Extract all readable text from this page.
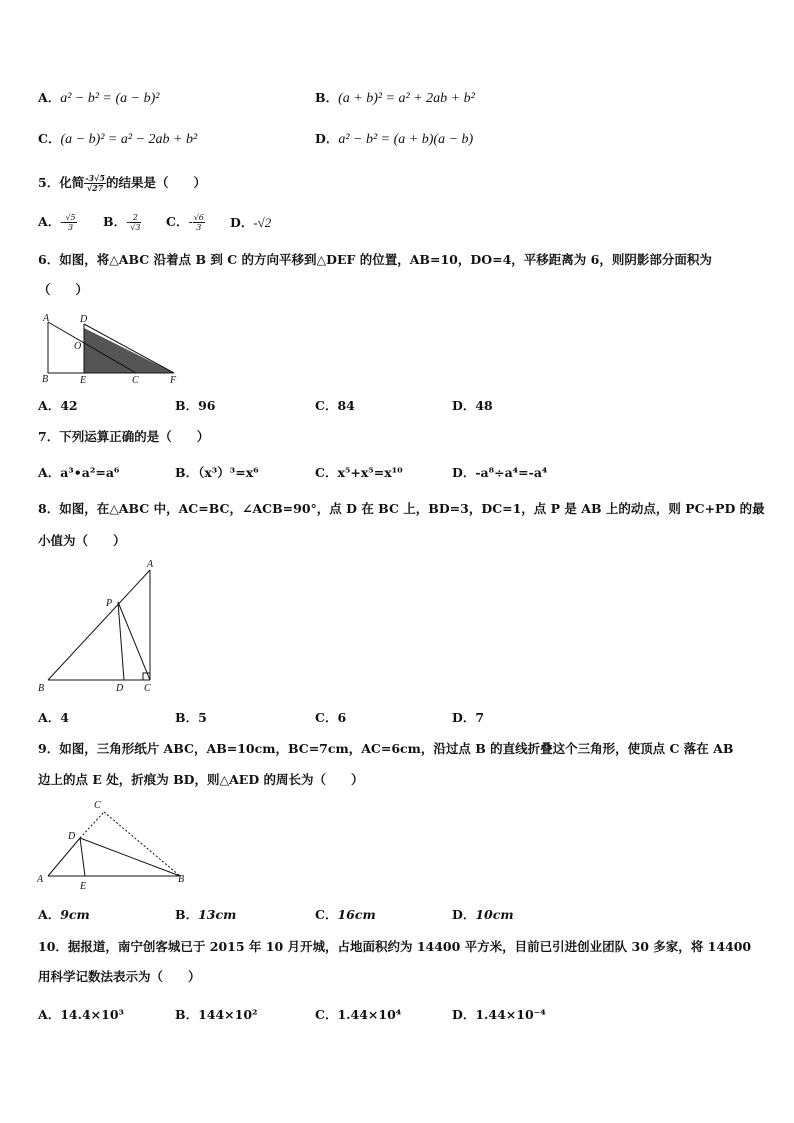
A．a² − b² = (a − b)²	B．(a + b)² = a² + 2ab + b²
C．(a − b)² = a² − 2ab + b²	D．a² − b² = (a + b)(a − b)
5．化简 $\frac{-3√5}{√27}$ 的结果是（　　）
A．- $\frac{√5}{3}$ B．- $\frac{2}{√3}$ C．- $\frac{√6}{3}$ D．-√2
6．如图，将△ABC 沿着点 B 到 C 的方向平移到△DEF 的位置，AB=10，DO=4，平移距离为 6，则阴影部分面积为
（　　）
A	D
O
B	E	C	F
A．42	B．96	C．84	D．48
7．下列运算正确的是（　　）
A．a³•a²=a⁶	B．（x³）³=x⁶	C．x⁵+x⁵=x¹⁰	D．-a⁸÷a⁴=-a⁴
8．如图，在△ABC 中，AC=BC，∠ACB=90°，点 D 在 BC 上，BD=3，DC=1，点 P 是 AB 上的动点，则 PC+PD 的最
小值为（　　）
A
P
B	D C
A．4	B．5	C．6	D．7
9．如图，三角形纸片 ABC，AB=10cm，BC=7cm，AC=6cm，沿过点 B 的直线折叠这个三角形，使顶点 C 落在 AB
边上的点 E 处，折痕为 BD，则△AED 的周长为（　　）
C
D
A
E
B
A．9cm	B．13cm	C．16cm	D．10cm
10．据报道，南宁创客城已于 2015 年 10 月开城，占地面积约为 14400 平方米，目前已引进创业团队 30 多家，将 14400
用科学记数法表示为（　　）
A．14.4×10³	B．144×10²	C．1.44×10⁴	D．1.44×10⁻⁴
